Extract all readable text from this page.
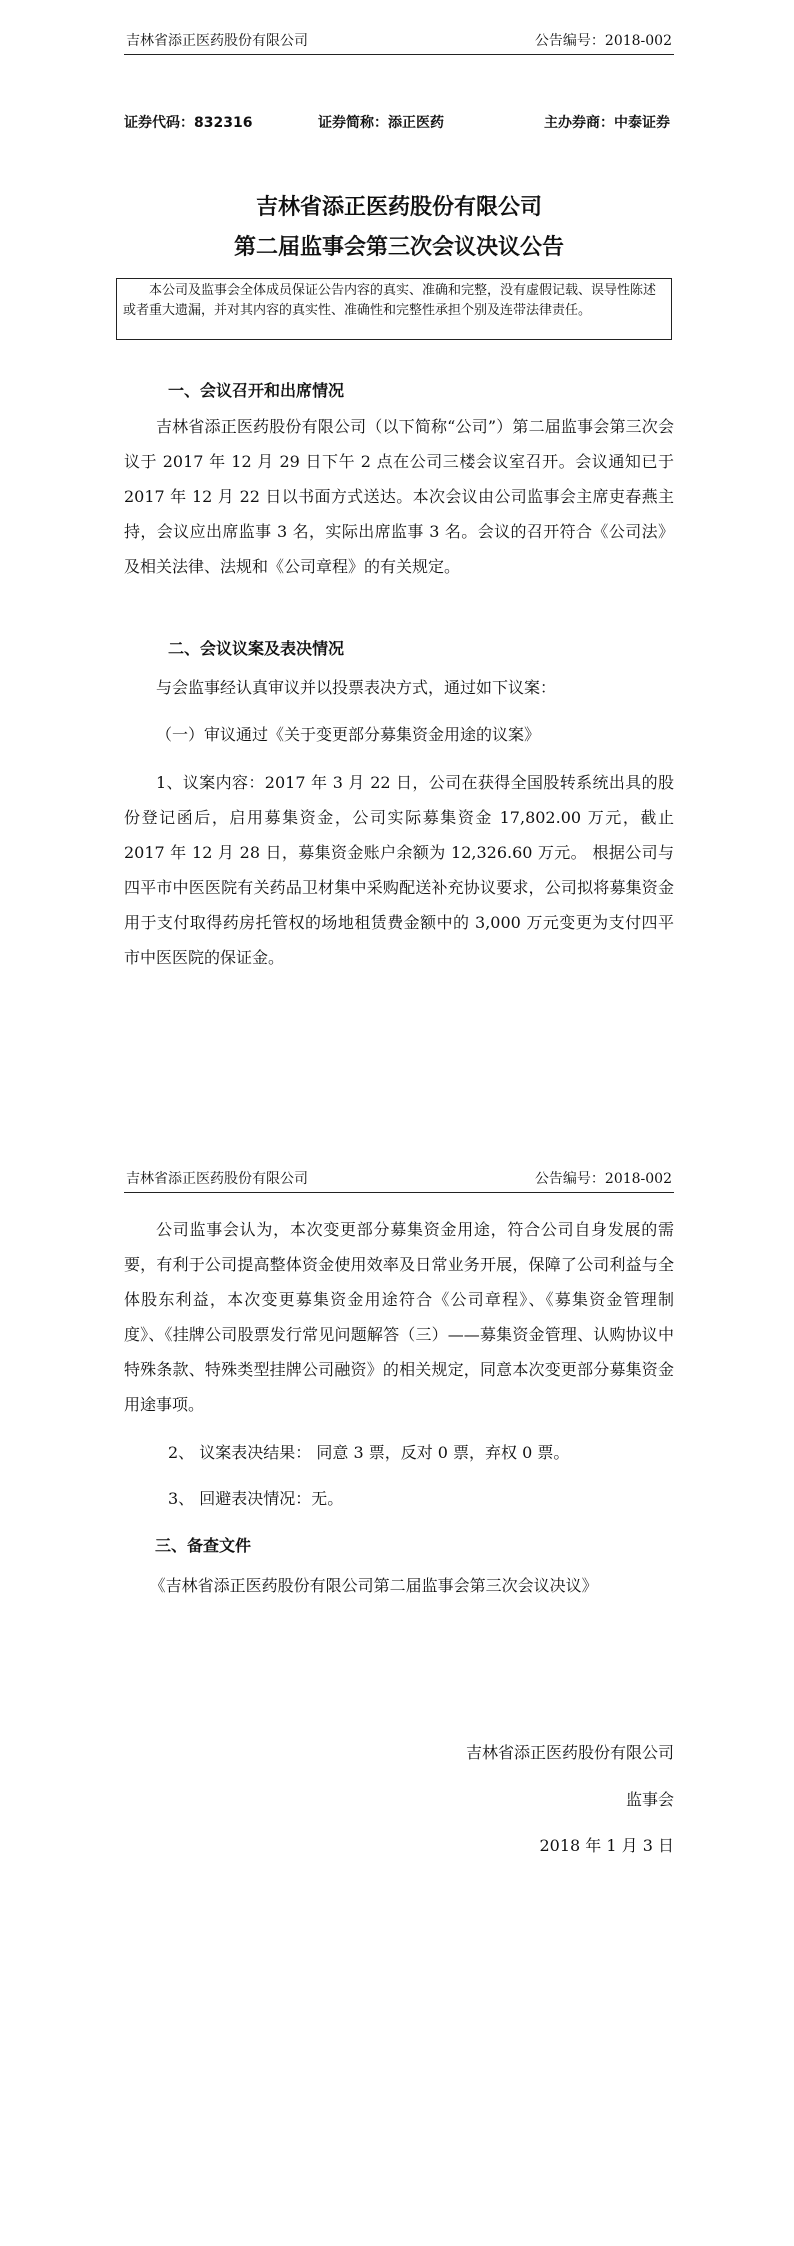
吉林省添正医药股份有限公司	公告编号：2018-002
证券代码：832316	证券简称：添正医药	主办券商：中泰证券
吉林省添正医药股份有限公司
第二届监事会第三次会议决议公告
本公司及监事会全体成员保证公告内容的真实、准确和完整，没有虚假记载、误导性陈述或者重大遗漏，并对其内容的真实性、准确性和完整性承担个别及连带法律责任。
一、会议召开和出席情况

吉林省添正医药股份有限公司（以下简称“公司”）第二届监事会第三次会议于 2017 年 12 月 29 日下午 2 点在公司三楼会议室召开。会议通知已于 2017 年 12 月 22 日以书面方式送达。本次会议由公司监事会主席吏春燕主持，会议应出席监事 3 名，实际出席监事 3 名。会议的召开符合《公司法》及相关法律、法规和《公司章程》的有关规定。

二、会议议案及表决情况

与会监事经认真审议并以投票表决方式，通过如下议案：

（一）审议通过《关于变更部分募集资金用途的议案》

1、议案内容：2017 年 3 月 22 日，公司在获得全国股转系统出具的股份登记函后，启用募集资金，公司实际募集资金 17,802.00 万元，截止 2017 年 12 月 28 日，募集资金账户余额为 12,326.60 万元。 根据公司与四平市中医医院有关药品卫材集中采购配送补充协议要求，公司拟将募集资金用于支付取得药房托管权的场地租赁费金额中的 3,000 万元变更为支付四平市中医医院的保证金。

吉林省添正医药股份有限公司	公告编号：2018-002

公司监事会认为，本次变更部分募集资金用途，符合公司自身发展的需要，有利于公司提高整体资金使用效率及日常业务开展，保障了公司利益与全体股东利益，本次变更募集资金用途符合《公司章程》、《募集资金管理制度》、《挂牌公司股票发行常见问题解答（三）——募集资金管理、认购协议中特殊条款、特殊类型挂牌公司融资》的相关规定，同意本次变更部分募集资金用途事项。

2、 议案表决结果： 同意 3 票，反对 0 票，弃权 0 票。
3、 回避表决情况：无。
三、备查文件

《吉林省添正医药股份有限公司第二届监事会第三次会议决议》

吉林省添正医药股份有限公司
监事会
2018 年 1 月 3 日
